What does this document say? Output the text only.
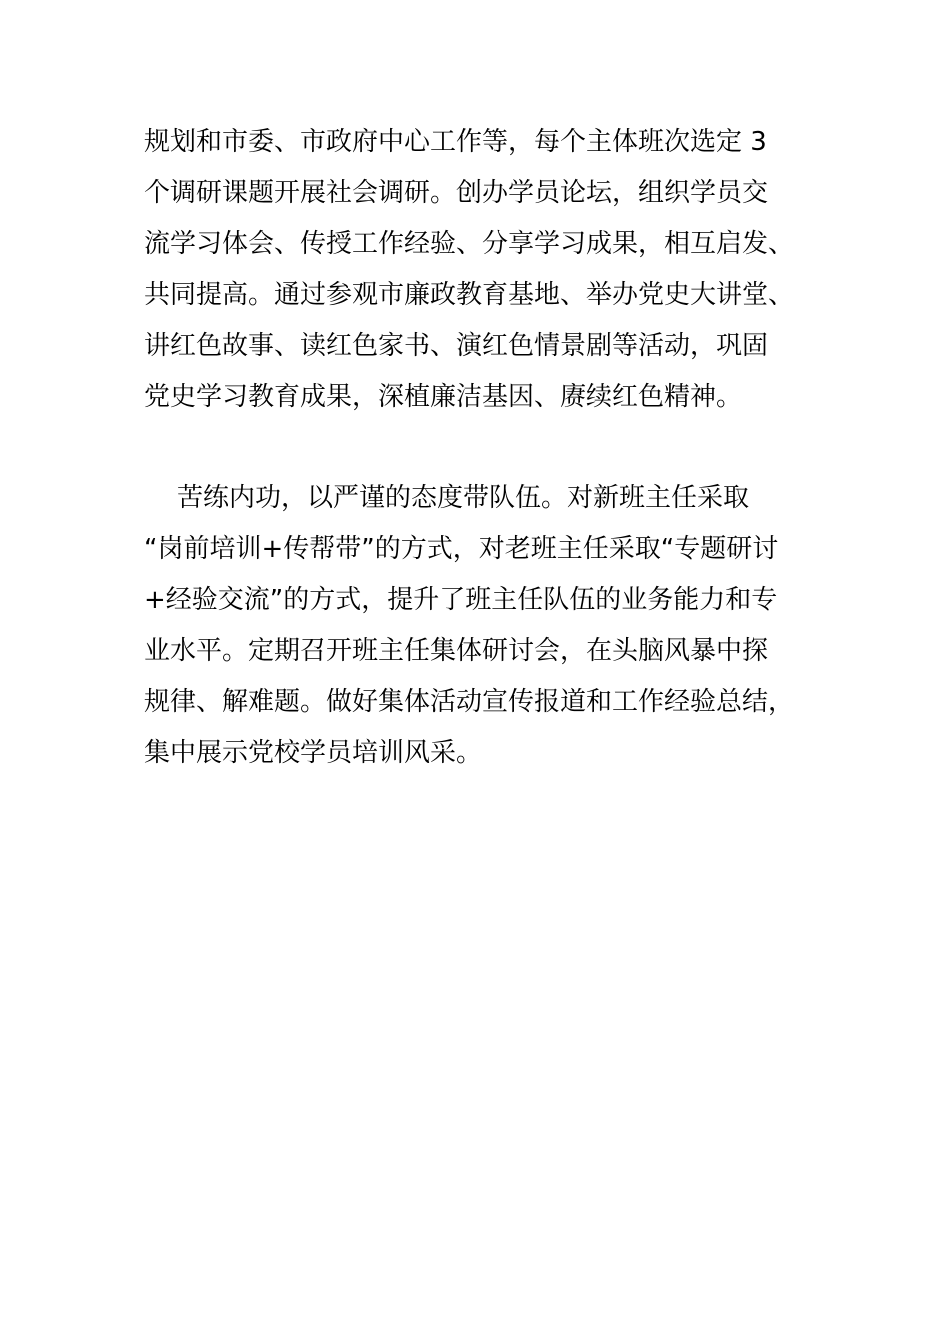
规划和市委、市政府中心工作等，每个主体班次选定 3
个调研课题开展社会调研。创办学员论坛，组织学员交
流学习体会、传授工作经验、分享学习成果，相互启发、
共同提高。通过参观市廉政教育基地、举办党史大讲堂、
讲红色故事、读红色家书、演红色情景剧等活动，巩固
党史学习教育成果，深植廉洁基因、赓续红色精神。

苦练内功，以严谨的态度带队伍。对新班主任采取
“岗前培训+传帮带”的方式，对老班主任采取“专题研讨
+经验交流”的方式，提升了班主任队伍的业务能力和专
业水平。定期召开班主任集体研讨会，在头脑风暴中探
规律、解难题。做好集体活动宣传报道和工作经验总结，
集中展示党校学员培训风采。
